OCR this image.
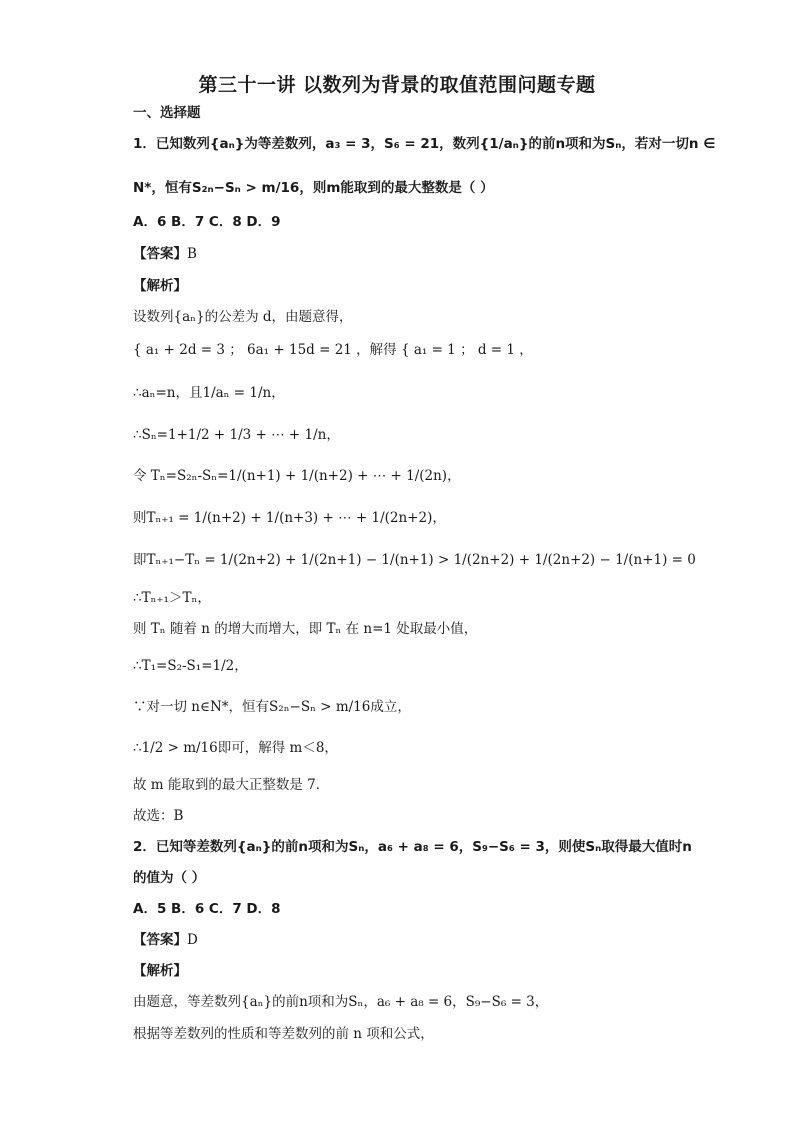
第三十一讲 以数列为背景的取值范围问题专题
一、选择题
1．已知数列{aₙ}为等差数列，a₃ = 3，S₆ = 21，数列{1/aₙ}的前n项和为Sₙ，若对一切n ∈
N*，恒有S₂ₙ−Sₙ > m/16，则m能取到的最大整数是（ ）
A．6 B．7 C．8 D．9
【答案】B
【解析】
设数列{aₙ}的公差为 d，由题意得，
{ a₁ + 2d = 3 ； 6a₁ + 15d = 21 ，解得 { a₁ = 1 ； d = 1 ，
∴aₙ=n，且1/aₙ = 1/n，
∴Sₙ=1+1/2 + 1/3 + ⋯ + 1/n，
令 Tₙ=S₂ₙ-Sₙ=1/(n+1) + 1/(n+2) + ⋯ + 1/(2n)，
则Tₙ₊₁ = 1/(n+2) + 1/(n+3) + ⋯ + 1/(2n+2)，
即Tₙ₊₁−Tₙ = 1/(2n+2) + 1/(2n+1) − 1/(n+1) > 1/(2n+2) + 1/(2n+2) − 1/(n+1) = 0
∴Tₙ₊₁＞Tₙ，
则 Tₙ 随着 n 的增大而增大，即 Tₙ 在 n=1 处取最小值，
∴T₁=S₂-S₁=1/2，
∵对一切 n∈N*，恒有S₂ₙ−Sₙ > m/16成立，
∴1/2 > m/16即可，解得 m＜8，
故 m 能取到的最大正整数是 7．
故选：B
2．已知等差数列{aₙ}的前n项和为Sₙ，a₆ + a₈ = 6，S₉−S₆ = 3，则使Sₙ取得最大值时n
的值为（ ）
A．5 B．6 C．7 D．8
【答案】D
【解析】
由题意，等差数列{aₙ}的前n项和为Sₙ，a₆ + a₈ = 6，S₉−S₆ = 3，
根据等差数列的性质和等差数列的前 n 项和公式，
